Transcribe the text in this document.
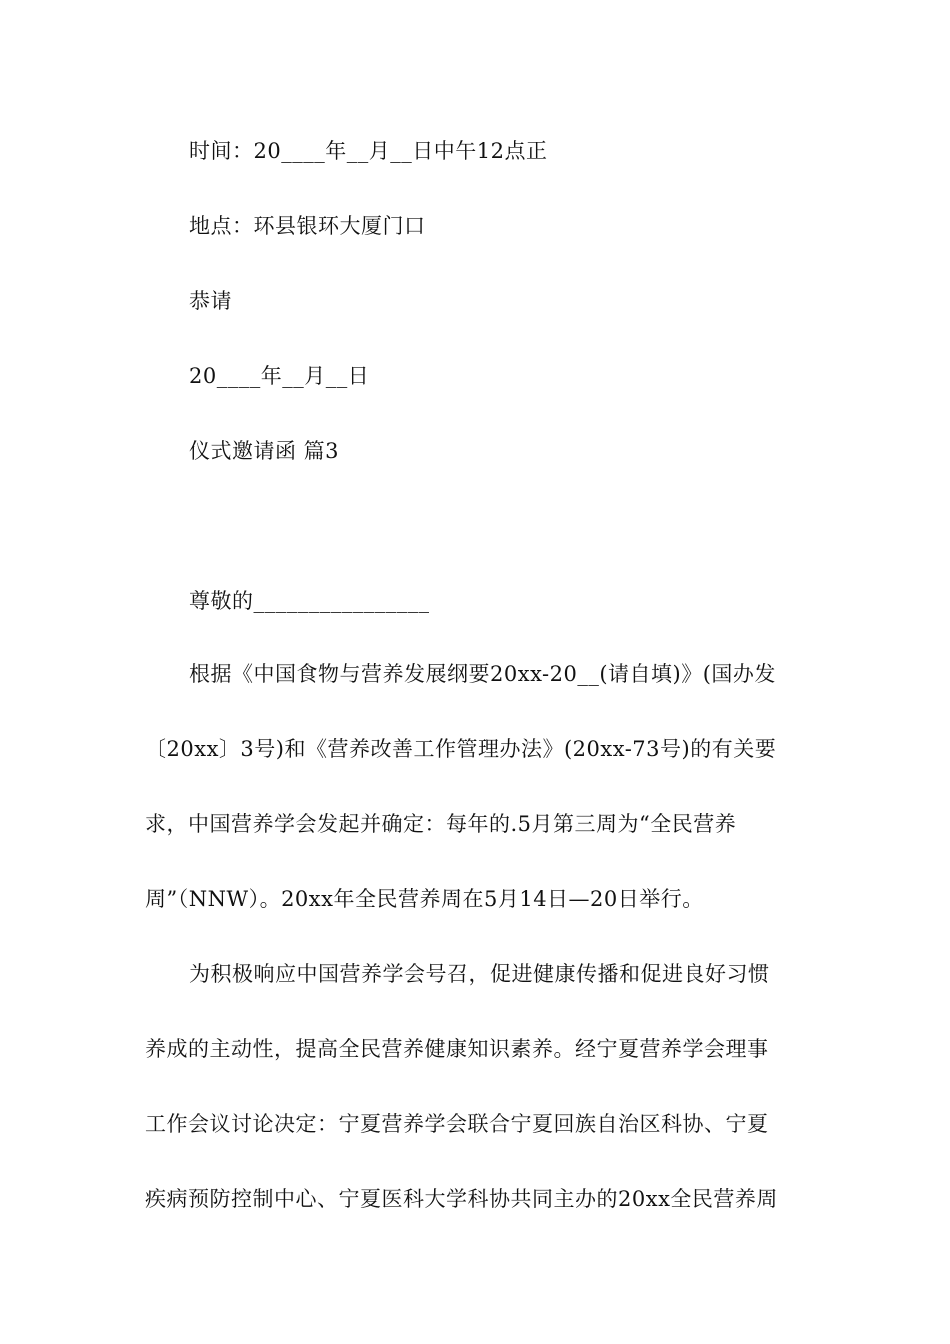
时间：20____年__月__日中午12点正
地点：环县银环大厦门口
恭请
20____年__月__日
仪式邀请函 篇3
尊敬的________________
根据《中国食物与营养发展纲要20xx-20__(请自填)》(国办发
〔20xx〕3号)和《营养改善工作管理办法》(20xx-73号)的有关要
求，中国营养学会发起并确定：每年的.5月第三周为“全民营养
周”（NNW）。20xx年全民营养周在5月14日—20日举行。
为积极响应中国营养学会号召，促进健康传播和促进良好习惯
养成的主动性，提高全民营养健康知识素养。经宁夏营养学会理事
工作会议讨论决定：宁夏营养学会联合宁夏回族自治区科协、宁夏
疾病预防控制中心、宁夏医科大学科协共同主办的20xx全民营养周
